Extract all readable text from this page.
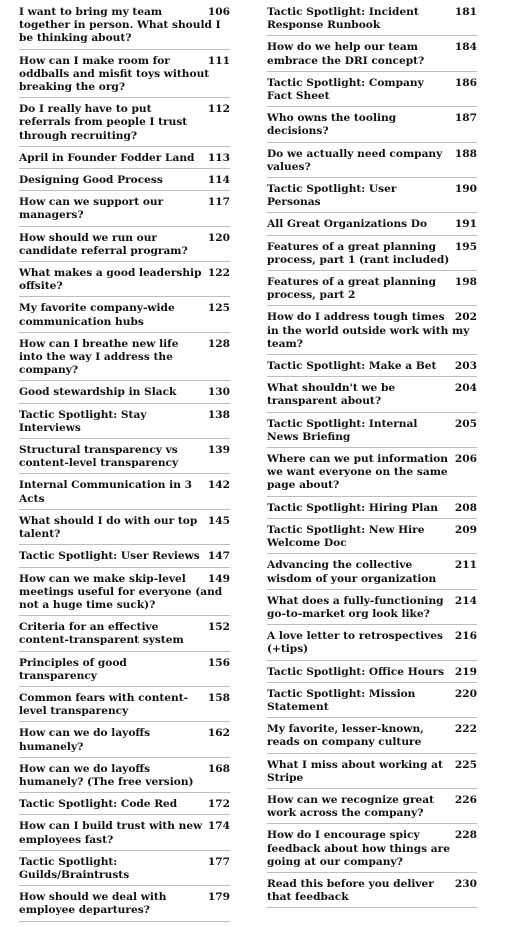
106
I want to bring my team together in person. What should I be thinking about?
111
How can I make room for oddballs and misfit toys without breaking the org?
112
Do I really have to put referrals from people I trust through recruiting?
113
April in Founder Fodder Land
114
Designing Good Process
117
How can we support our managers?
120
How should we run our candidate referral program?
122
What makes a good leadership offsite?
125
My favorite company-wide communication hubs
128
How can I breathe new life into the way I address the company?
130
Good stewardship in Slack
138
Tactic Spotlight: Stay Interviews
139
Structural transparency vs content-level transparency
142
Internal Communication in 3 Acts
145
What should I do with our top talent?
147
Tactic Spotlight: User Reviews
149
How can we make skip-level meetings useful for everyone (and not a huge time suck)?
152
Criteria for an effective content-transparent system
156
Principles of good transparency
158
Common fears with content-level transparency
162
How can we do layoffs humanely?
168
How can we do layoffs humanely? (The free version)
172
Tactic Spotlight: Code Red
174
How can I build trust with new employees fast?
177
Tactic Spotlight: Guilds/Braintrusts
179
How should we deal with employee departures?
181
Tactic Spotlight: Incident Response Runbook
184
How do we help our team embrace the DRI concept?
186
Tactic Spotlight: Company Fact Sheet
187
Who owns the tooling decisions?
188
Do we actually need company values?
190
Tactic Spotlight: User Personas
191
All Great Organizations Do
195
Features of a great planning process, part 1 (rant included)
198
Features of a great planning process, part 2
202
How do I address tough times in the world outside work with my team?
203
Tactic Spotlight: Make a Bet
204
What shouldn't we be transparent about?
205
Tactic Spotlight: Internal News Briefing
206
Where can we put information we want everyone on the same page about?
208
Tactic Spotlight: Hiring Plan
209
Tactic Spotlight: New Hire Welcome Doc
211
Advancing the collective wisdom of your organization
214
What does a fully-functioning go-to-market org look like?
216
A love letter to retrospectives (+tips)
219
Tactic Spotlight: Office Hours
220
Tactic Spotlight: Mission Statement
222
My favorite, lesser-known, reads on company culture
225
What I miss about working at Stripe
226
How can we recognize great work across the company?
228
How do I encourage spicy feedback about how things are going at our company?
230
Read this before you deliver that feedback
